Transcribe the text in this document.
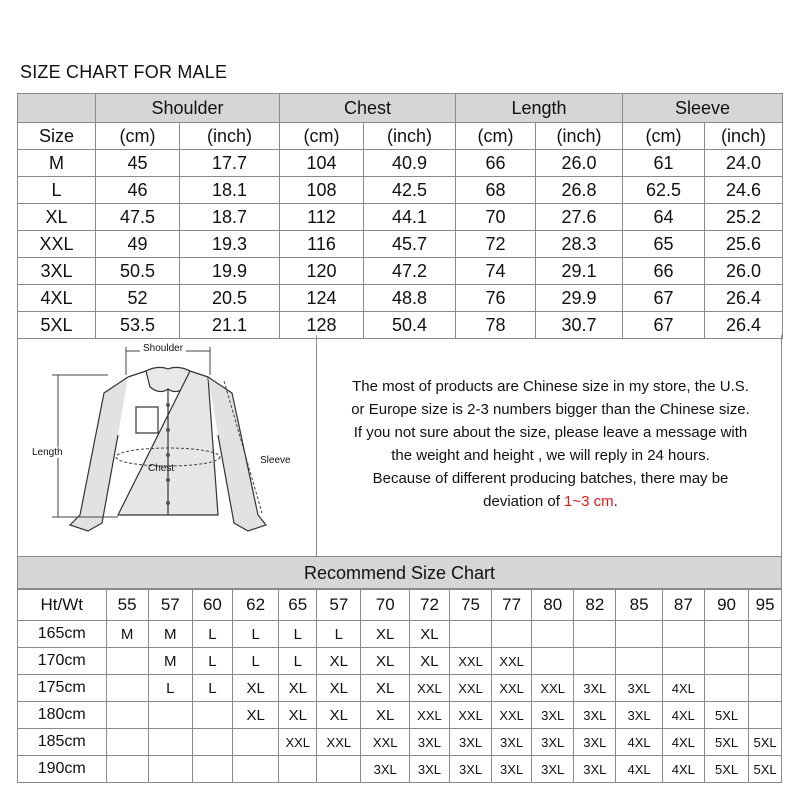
SIZE CHART FOR MALE
	Shoulder		Chest		Length		Sleeve	
Size	(cm)	(inch)	(cm)	(inch)	(cm)	(inch)	(cm)	(inch)
M	45	17.7	104	40.9	66	26.0	61	24.0
L	46	18.1	108	42.5	68	26.8	62.5	24.6
XL	47.5	18.7	112	44.1	70	27.6	64	25.2
XXL	49	19.3	116	45.7	72	28.3	65	25.6
3XL	50.5	19.9	120	47.2	74	29.1	66	26.0
4XL	52	20.5	124	48.8	76	29.9	67	26.4
5XL	53.5	21.1	128	50.4	78	30.7	67	26.4
Shoulder
Length
Chest
Sleeve
The most of products are Chinese size in my store, the U.S.
or Europe size is 2-3 numbers bigger than the Chinese size.
If you not sure about the size, please leave a message with
the weight and height , we will reply in 24 hours.
Because of different producing batches, there may be
deviation of 1~3 cm.
Recommend Size Chart
Ht/Wt	55	57	60	62	65	57	70	72	75	77	80	82	85	87	90	95
165cm	M	M	L	L	L	L	XL	XL								
170cm		M	L	L	L	XL	XL	XL	XXL	XXL						
175cm		L	L	XL	XL	XL	XL	XXL	XXL	XXL	XXL	3XL	3XL	4XL		
180cm				XL	XL	XL	XL	XXL	XXL	XXL	3XL	3XL	3XL	4XL	5XL	
185cm					XXL	XXL	XXL	3XL	3XL	3XL	3XL	3XL	4XL	4XL	5XL	5XL
190cm							3XL	3XL	3XL	3XL	3XL	3XL	4XL	4XL	5XL	5XL
